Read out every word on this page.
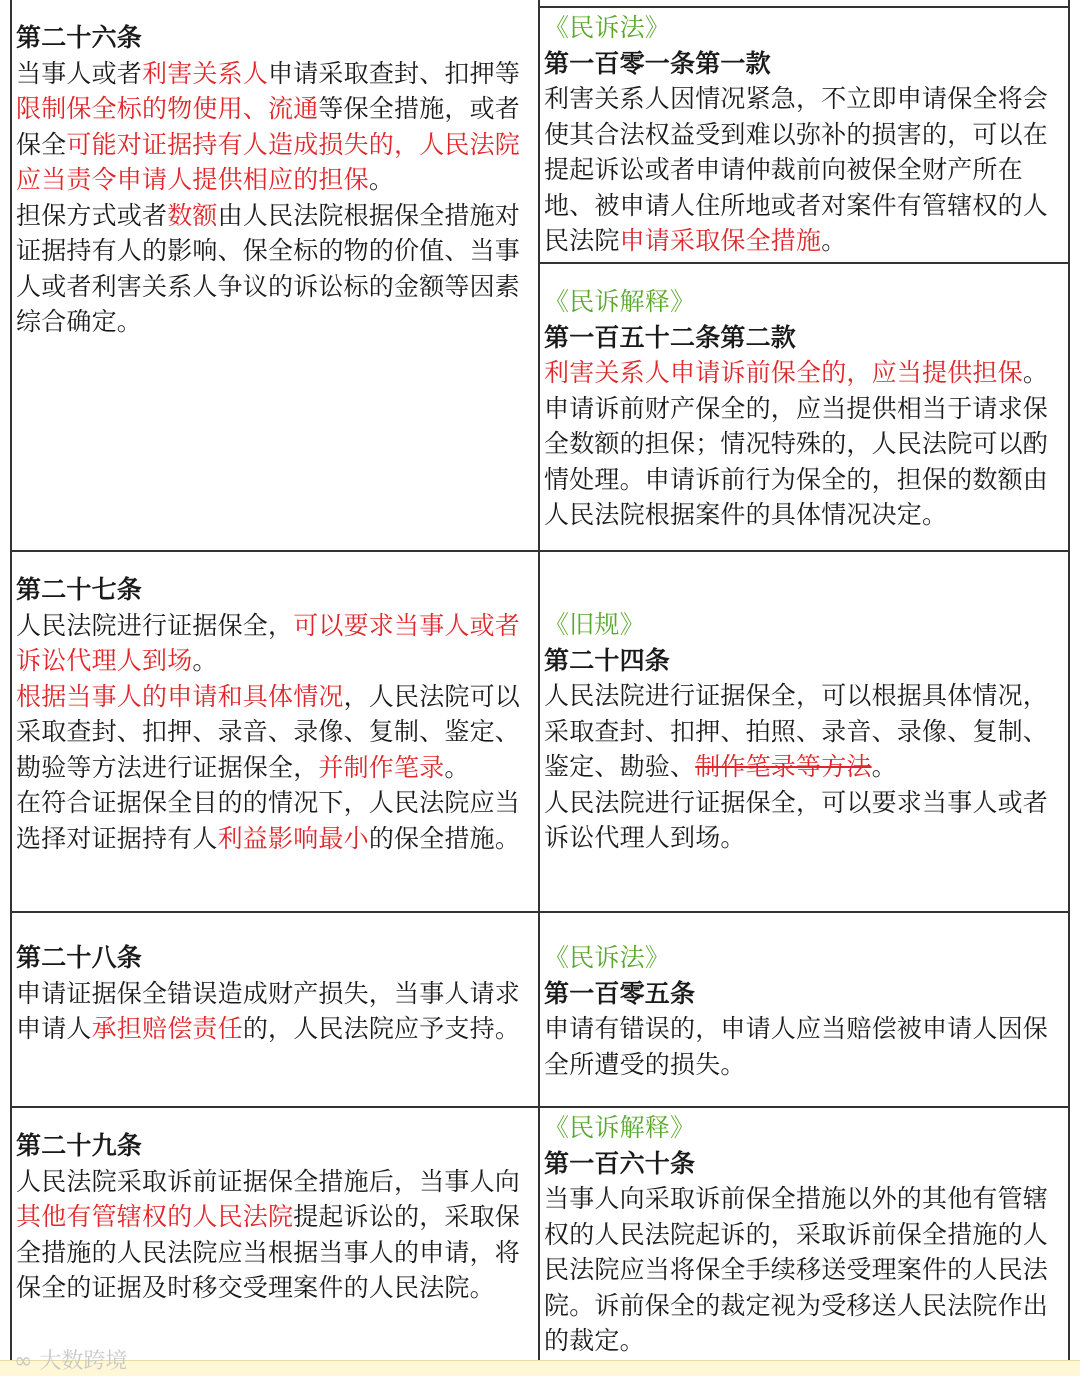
第二十六条

当事人或者利害关系人申请采取查封、扣押等限制保全标的物使用、流通等保全措施，或者保全可能对证据持有人造成损失的，人民法院应当责令申请人提供相应的担保。

担保方式或者数额由人民法院根据保全措施对证据持有人的影响、保全标的物的价值、当事人或者利害关系人争议的诉讼标的金额等因素综合确定。

《民诉法》

第一百零一条第一款

利害关系人因情况紧急，不立即申请保全将会使其合法权益受到难以弥补的损害的，可以在提起诉讼或者申请仲裁前向被保全财产所在地、被申请人住所地或者对案件有管辖权的人民法院申请采取保全措施。

《民诉解释》

第一百五十二条第二款

利害关系人申请诉前保全的，应当提供担保。申请诉前财产保全的，应当提供相当于请求保全数额的担保；情况特殊的，人民法院可以酌情处理。申请诉前行为保全的，担保的数额由人民法院根据案件的具体情况决定。

第二十七条

人民法院进行证据保全，可以要求当事人或者诉讼代理人到场。

根据当事人的申请和具体情况，人民法院可以采取查封、扣押、录音、录像、复制、鉴定、勘验等方法进行证据保全，并制作笔录。

在符合证据保全目的的情况下，人民法院应当选择对证据持有人利益影响最小的保全措施。

《旧规》

第二十四条

人民法院进行证据保全，可以根据具体情况，采取查封、扣押、拍照、录音、录像、复制、鉴定、勘验、制作笔录等方法。

人民法院进行证据保全，可以要求当事人或者诉讼代理人到场。

第二十八条

申请证据保全错误造成财产损失，当事人请求申请人承担赔偿责任的，人民法院应予支持。

《民诉法》

第一百零五条

申请有错误的，申请人应当赔偿被申请人因保全所遭受的损失。

第二十九条

人民法院采取诉前证据保全措施后，当事人向其他有管辖权的人民法院提起诉讼的，采取保全措施的人民法院应当根据当事人的申请，将保全的证据及时移交受理案件的人民法院。

《民诉解释》

第一百六十条

当事人向采取诉前保全措施以外的其他有管辖权的人民法院起诉的，采取诉前保全措施的人民法院应当将保全手续移送受理案件的人民法院。诉前保全的裁定视为受移送人民法院作出的裁定。

∞ 大数跨境
